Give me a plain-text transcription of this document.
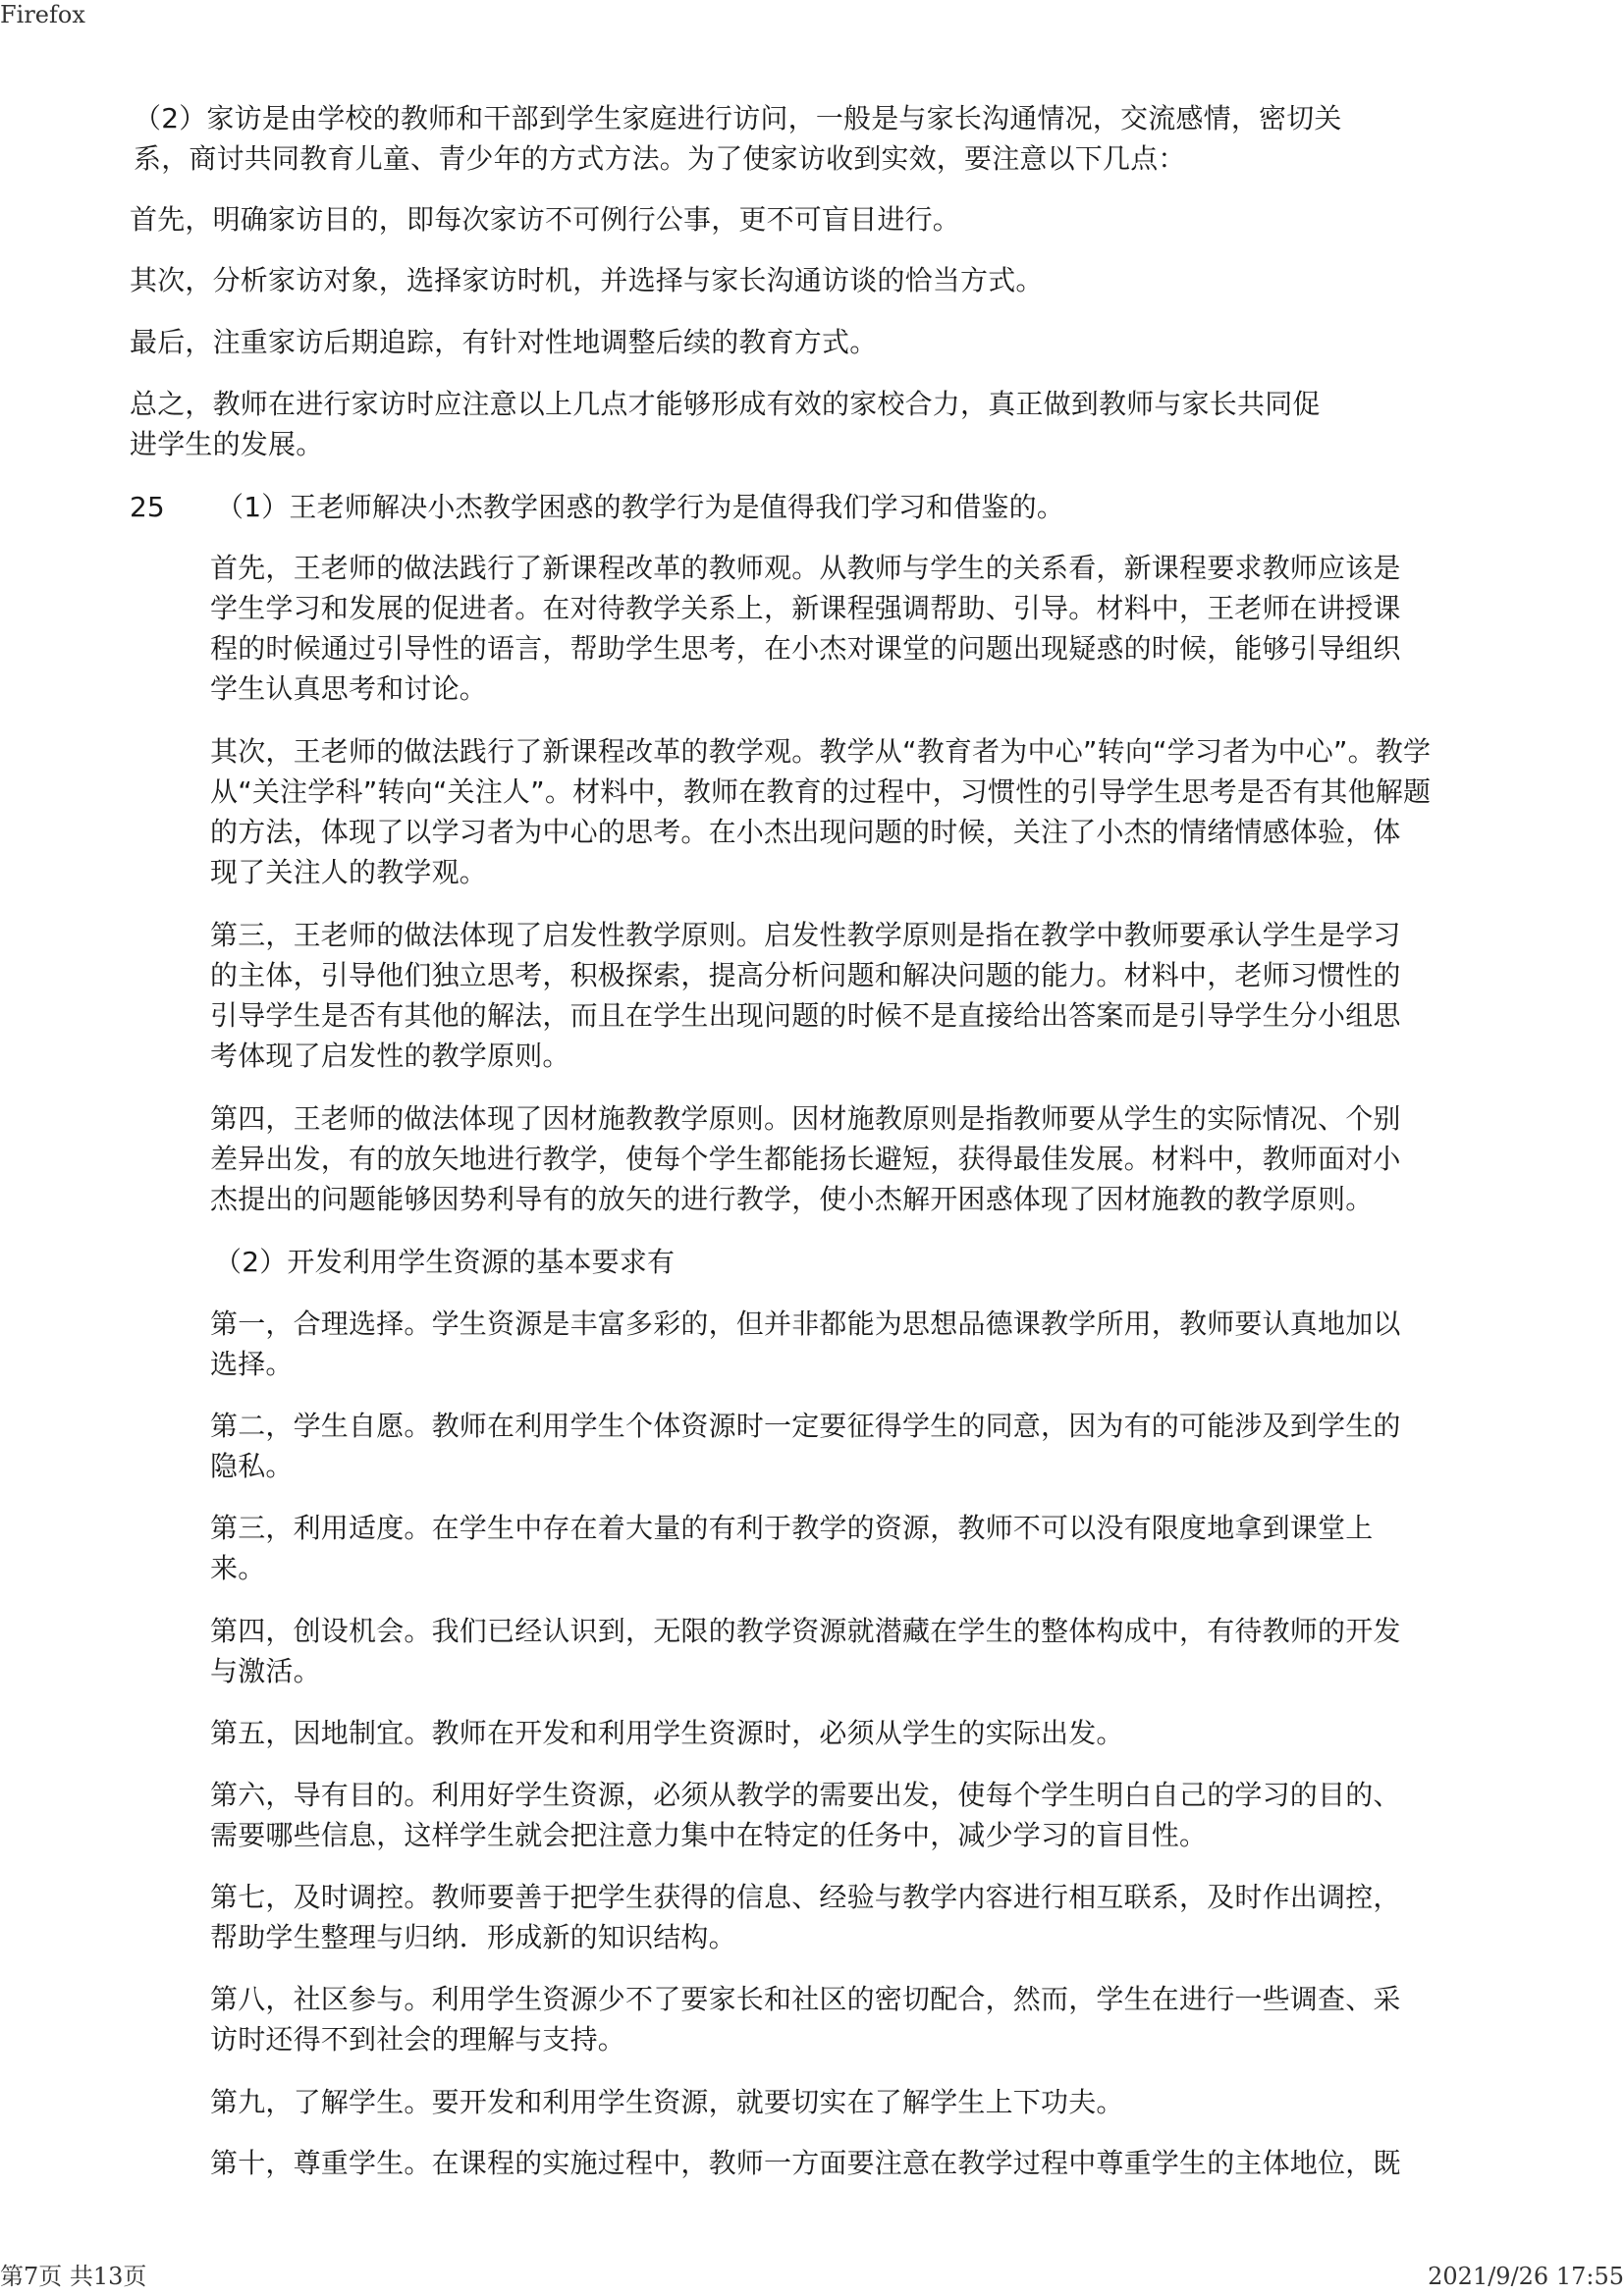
Firefox
（2）家访是由学校的教师和干部到学生家庭进行访问，一般是与家长沟通情况，交流感情，密切关
系，商讨共同教育儿童、青少年的方式方法。为了使家访收到实效，要注意以下几点：
首先，明确家访目的，即每次家访不可例行公事，更不可盲目进行。
其次，分析家访对象，选择家访时机，并选择与家长沟通访谈的恰当方式。
最后，注重家访后期追踪，有针对性地调整后续的教育方式。
总之，教师在进行家访时应注意以上几点才能够形成有效的家校合力，真正做到教师与家长共同促
进学生的发展。
25 （1）王老师解决小杰教学困惑的教学行为是值得我们学习和借鉴的。
首先，王老师的做法践行了新课程改革的教师观。从教师与学生的关系看，新课程要求教师应该是
学生学习和发展的促进者。在对待教学关系上，新课程强调帮助、引导。材料中，王老师在讲授课
程的时候通过引导性的语言，帮助学生思考，在小杰对课堂的问题出现疑惑的时候，能够引导组织
学生认真思考和讨论。
其次，王老师的做法践行了新课程改革的教学观。教学从“教育者为中心”转向“学习者为中心”。教学
从“关注学科”转向“关注人”。材料中，教师在教育的过程中，习惯性的引导学生思考是否有其他解题
的方法，体现了以学习者为中心的思考。在小杰出现问题的时候，关注了小杰的情绪情感体验，体
现了关注人的教学观。
第三，王老师的做法体现了启发性教学原则。启发性教学原则是指在教学中教师要承认学生是学习
的主体，引导他们独立思考，积极探索，提高分析问题和解决问题的能力。材料中，老师习惯性的
引导学生是否有其他的解法，而且在学生出现问题的时候不是直接给出答案而是引导学生分小组思
考体现了启发性的教学原则。
第四，王老师的做法体现了因材施教教学原则。因材施教原则是指教师要从学生的实际情况、个别
差异出发，有的放矢地进行教学，使每个学生都能扬长避短，获得最佳发展。材料中，教师面对小
杰提出的问题能够因势利导有的放矢的进行教学，使小杰解开困惑体现了因材施教的教学原则。
（2）开发利用学生资源的基本要求有
第一，合理选择。学生资源是丰富多彩的，但并非都能为思想品德课教学所用，教师要认真地加以
选择。
第二，学生自愿。教师在利用学生个体资源时一定要征得学生的同意，因为有的可能涉及到学生的
隐私。
第三，利用适度。在学生中存在着大量的有利于教学的资源，教师不可以没有限度地拿到课堂上
来。
第四，创设机会。我们已经认识到，无限的教学资源就潜藏在学生的整体构成中，有待教师的开发
与激活。
第五，因地制宜。教师在开发和利用学生资源时，必须从学生的实际出发。
第六，导有目的。利用好学生资源，必须从教学的需要出发，使每个学生明白自己的学习的目的、
需要哪些信息，这样学生就会把注意力集中在特定的任务中，减少学习的盲目性。
第七，及时调控。教师要善于把学生获得的信息、经验与教学内容进行相互联系，及时作出调控，
帮助学生整理与归纳．形成新的知识结构。
第八，社区参与。利用学生资源少不了要家长和社区的密切配合，然而，学生在进行一些调查、采
访时还得不到社会的理解与支持。
第九，了解学生。要开发和利用学生资源，就要切实在了解学生上下功夫。
第十，尊重学生。在课程的实施过程中，教师一方面要注意在教学过程中尊重学生的主体地位，既
第7页 共13页	2021/9/26 17:55
